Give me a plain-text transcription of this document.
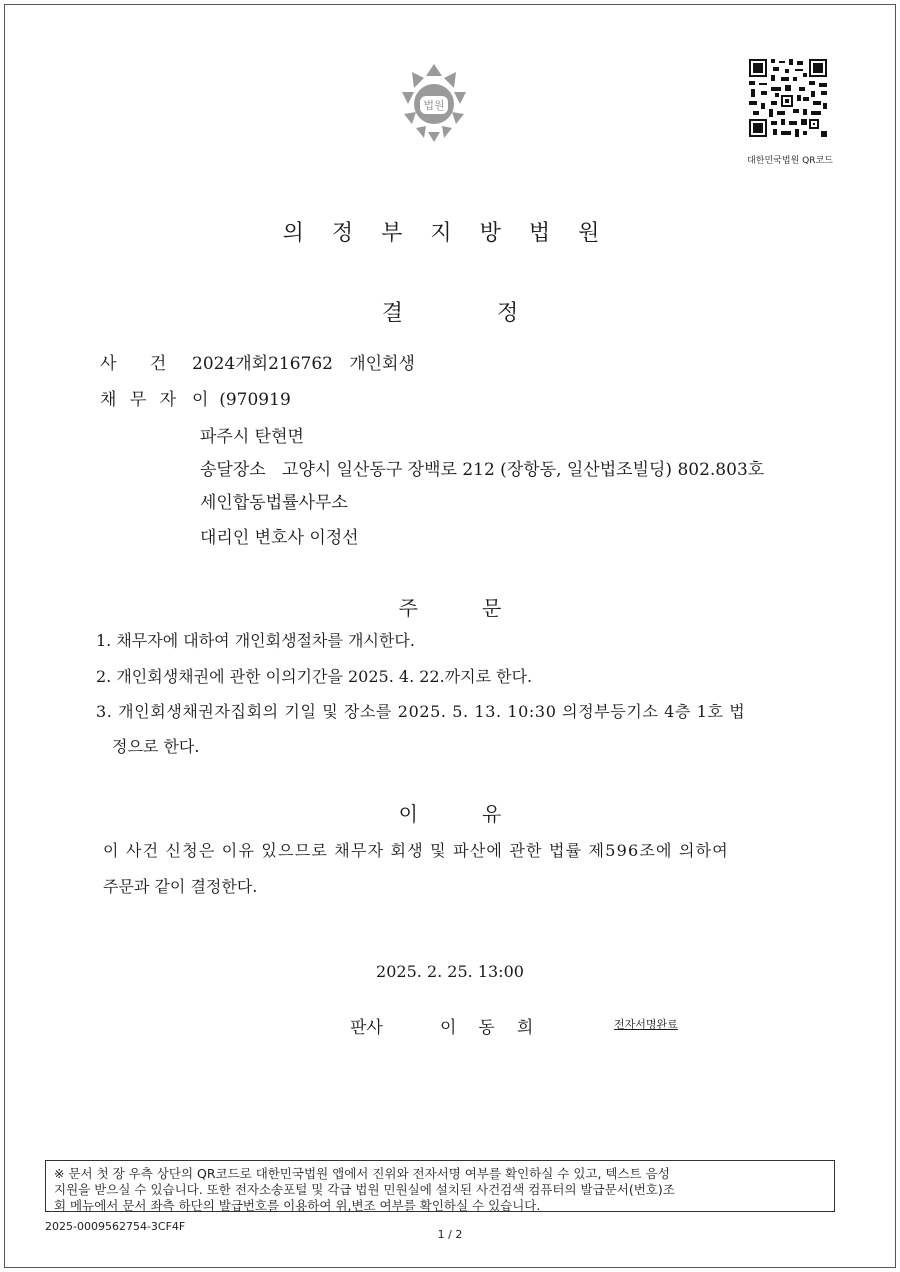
법원
대한민국법원 QR코드
의정부지방법원
결정
사 건 2024개회216762   개인회생
채 무 자 이  (970919
파주시 탄현면
송달장소   고양시 일산동구 장백로 212 (장항동, 일산법조빌딩) 802.803호
세인합동법률사무소
대리인 변호사 이정선
주문
1. 채무자에 대하여 개인회생절차를 개시한다.
2. 개인회생채권에 관한 이의기간을 2025. 4. 22.까지로 한다.
3. 개인회생채권자집회의 기일 및 장소를 2025. 5. 13. 10:30 의정부등기소 4층 1호 법
정으로 한다.
이유
이 사건 신청은 이유 있으므로 채무자 회생 및 파산에 관한 법률 제596조에 의하여
주문과 같이 결정한다.
2025. 2. 25. 13:00
판사	이동희	전자서명완료
※ 문서 첫 장 우측 상단의 QR코드로 대한민국법원 앱에서 진위와 전자서명 여부를 확인하실 수 있고, 텍스트 음성
지원을 받으실 수 있습니다. 또한 전자소송포털 및 각급 법원 민원실에 설치된 사건검색 컴퓨터의 발급문서(번호)조
회 메뉴에서 문서 좌측 하단의 발급번호를 이용하여 위,변조 여부를 확인하실 수 있습니다.
2025-0009562754-3CF4F
1 / 2
